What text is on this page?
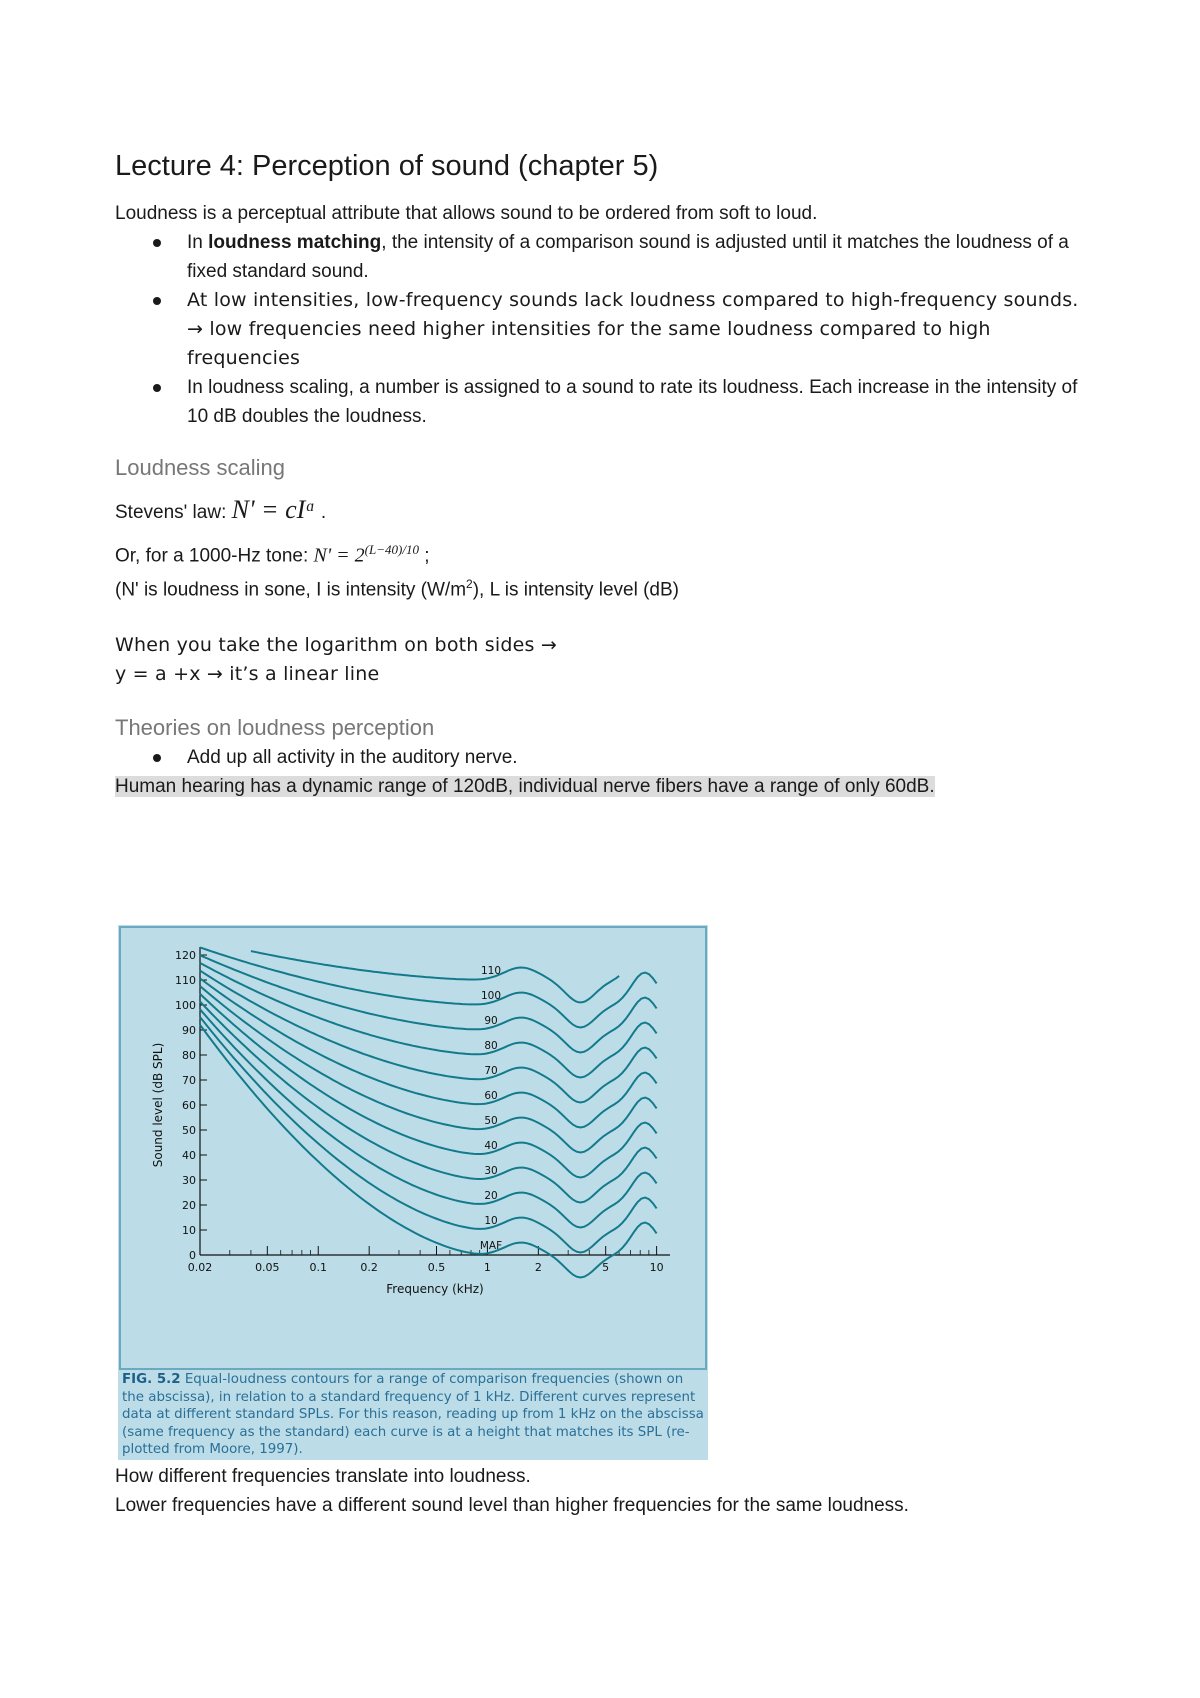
Lecture 4: Perception of sound (chapter 5)

Loudness is a perceptual attribute that allows sound to be ordered from soft to loud.

In loudness matching, the intensity of a comparison sound is adjusted until it matches the loudness of a fixed standard sound.
At low intensities, low-frequency sounds lack loudness compared to high-frequency sounds. → low frequencies need higher intensities for the same loudness compared to high frequencies
In loudness scaling, a number is assigned to a sound to rate its loudness. Each increase in the intensity of 10 dB doubles the loudness.
Loudness scaling

Stevens' law: N' = cIᵅ .

Or, for a 1000-Hz tone: $N' = 2^{(L-40)/10}$ ;

(N' is loudness in sone, I is intensity $(W/m^2)$, L is intensity level (dB)

When you take the logarithm on both sides →

y = a +x → it’s a linear line

Theories on loudness perception
Add up all activity in the auditory nerve.

Human hearing has a dynamic range of 120dB, individual nerve fibers have a range of only 60dB.

0
10
20
30
40
50
60
70
80
90
100
110
120
0.02	0.05	0.1	0.2	0.5	1	2	5	10
Frequency (kHz)
Sound level (dB SPL)
MAF
10
20
30
40
50
60
70
80
90
100
110
FIG. 5.2 Equal-loudness contours for a range of comparison frequencies (shown on the abscissa), in relation to a standard frequency of 1 kHz. Different curves represent data at different standard SPLs. For this reason, reading up from 1 kHz on the abscissa (same frequency as the standard) each curve is at a height that matches its SPL (re-plotted from Moore, 1997).

How different frequencies translate into loudness.

Lower frequencies have a different sound level than higher frequencies for the same loudness.
